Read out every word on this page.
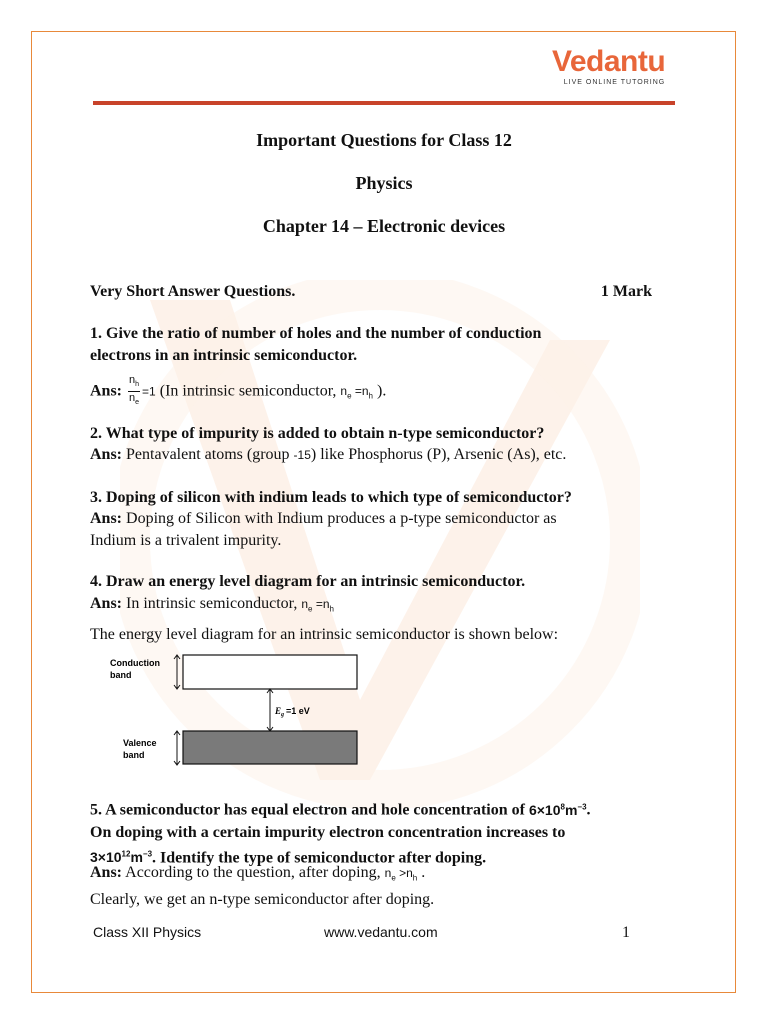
Vedantu
LIVE ONLINE TUTORING
Important Questions for Class 12
Physics
Chapter 14 – Electronic devices
Very Short Answer Questions.	1 Mark
1. Give the ratio of number of holes and the number of conduction
electrons in an intrinsic semiconductor.
Ans: $\frac{n_h}{n_e} =1$ (In intrinsic semiconductor, $n_e =n_h$ ).
2. What type of impurity is added to obtain n-type semiconductor?
Ans: Pentavalent atoms (group -15) like Phosphorus (P), Arsenic (As), etc.
3. Doping of silicon with indium leads to which type of semiconductor?
Ans: Doping of Silicon with Indium produces a p-type semiconductor as
Indium is a trivalent impurity.
4. Draw an energy level diagram for an intrinsic semiconductor.
Ans: In intrinsic semiconductor, $n_e =n_h$
The energy level diagram for an intrinsic semiconductor is shown below:
Conduction
band
E g =1 eV
Valence
band
5. A semiconductor has equal electron and hole concentration of $6\times 10^8m^{-3}$.
On doping with a certain impurity electron concentration increases to
$3\times 10^{12}m^{-3}$. Identify the type of semiconductor after doping.
Ans: According to the question, after doping, $n_e >n_h$ .
Clearly, we get an n-type semiconductor after doping.
Class XII Physics	www.vedantu.com	1
